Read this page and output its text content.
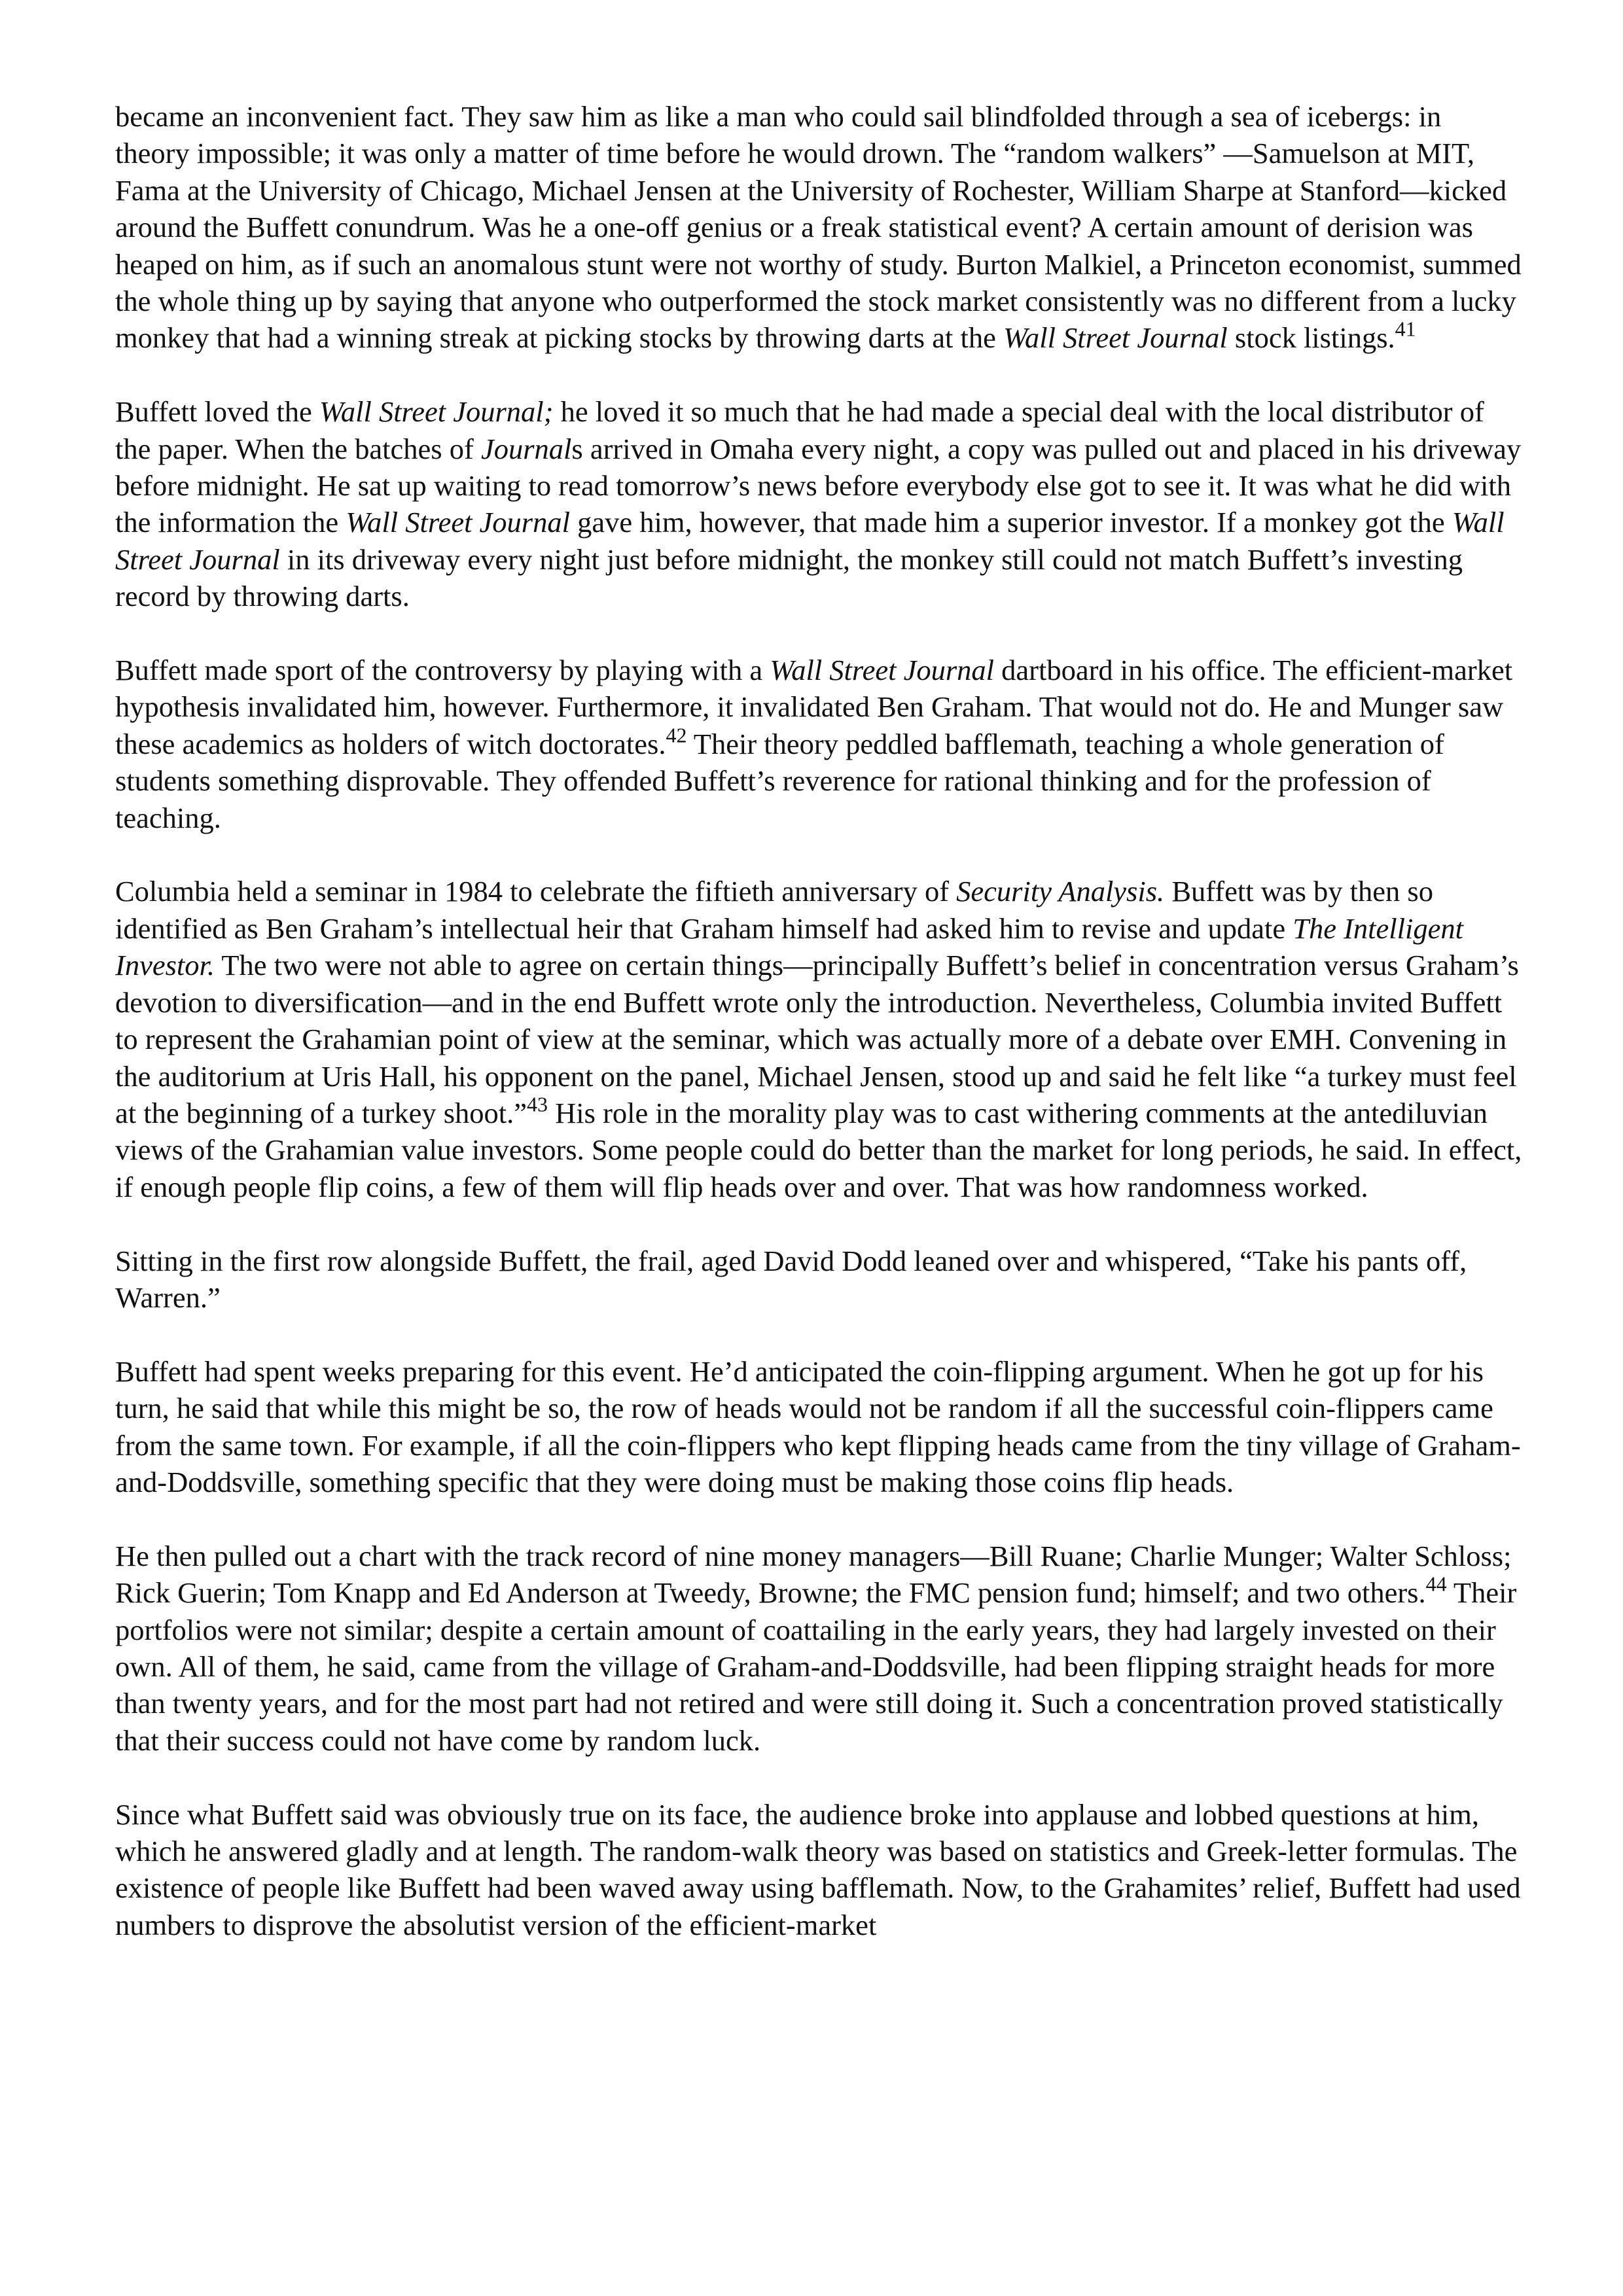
became an inconvenient fact. They saw him as like a man who could sail blindfolded through a sea of icebergs: in theory impossible; it was only a matter of time before he would drown. The “random walkers” —Samuelson at MIT, Fama at the University of Chicago, Michael Jensen at the University of Rochester, William Sharpe at Stanford—kicked around the Buffett conundrum. Was he a one-off genius or a freak statistical event? A certain amount of derision was heaped on him, as if such an anomalous stunt were not worthy of study. Burton Malkiel, a Princeton economist, summed the whole thing up by saying that anyone who outperformed the stock market consistently was no different from a lucky monkey that had a winning streak at picking stocks by throwing darts at the Wall Street Journal stock listings.$^{41}$

Buffett loved the Wall Street Journal; he loved it so much that he had made a special deal with the local distributor of the paper. When the batches of Journals arrived in Omaha every night, a copy was pulled out and placed in his driveway before midnight. He sat up waiting to read tomorrow’s news before everybody else got to see it. It was what he did with the information the Wall Street Journal gave him, however, that made him a superior investor. If a monkey got the Wall Street Journal in its driveway every night just before midnight, the monkey still could not match Buffett’s investing record by throwing darts.

Buffett made sport of the controversy by playing with a Wall Street Journal dartboard in his office. The efficient-market hypothesis invalidated him, however. Furthermore, it invalidated Ben Graham. That would not do. He and Munger saw these academics as holders of witch doctorates.$^{42}$ Their theory peddled bafflemath, teaching a whole generation of students something disprovable. They offended Buffett’s reverence for rational thinking and for the profession of teaching.

Columbia held a seminar in 1984 to celebrate the fiftieth anniversary of Security Analysis. Buffett was by then so identified as Ben Graham’s intellectual heir that Graham himself had asked him to revise and update The Intelligent Investor. The two were not able to agree on certain things—principally Buffett’s belief in concentration versus Graham’s devotion to diversification—and in the end Buffett wrote only the introduction. Nevertheless, Columbia invited Buffett to represent the Grahamian point of view at the seminar, which was actually more of a debate over EMH. Convening in the auditorium at Uris Hall, his opponent on the panel, Michael Jensen, stood up and said he felt like “a turkey must feel at the beginning of a turkey shoot.”$^{43}$ His role in the morality play was to cast withering comments at the antediluvian views of the Grahamian value investors. Some people could do better than the market for long periods, he said. In effect, if enough people flip coins, a few of them will flip heads over and over. That was how randomness worked.

Sitting in the first row alongside Buffett, the frail, aged David Dodd leaned over and whispered, “Take his pants off, Warren.”

Buffett had spent weeks preparing for this event. He’d anticipated the coin-flipping argument. When he got up for his turn, he said that while this might be so, the row of heads would not be random if all the successful coin-flippers came from the same town. For example, if all the coin-flippers who kept flipping heads came from the tiny village of Graham-and-Doddsville, something specific that they were doing must be making those coins flip heads.

He then pulled out a chart with the track record of nine money managers—Bill Ruane; Charlie Munger; Walter Schloss; Rick Guerin; Tom Knapp and Ed Anderson at Tweedy, Browne; the FMC pension fund; himself; and two others.$^{44}$ Their portfolios were not similar; despite a certain amount of coattailing in the early years, they had largely invested on their own. All of them, he said, came from the village of Graham-and-Doddsville, had been flipping straight heads for more than twenty years, and for the most part had not retired and were still doing it. Such a concentration proved statistically that their success could not have come by random luck.

Since what Buffett said was obviously true on its face, the audience broke into applause and lobbed questions at him, which he answered gladly and at length. The random-walk theory was based on statistics and Greek-letter formulas. The existence of people like Buffett had been waved away using bafflemath. Now, to the Grahamites’ relief, Buffett had used numbers to disprove the absolutist version of the efficient-market
